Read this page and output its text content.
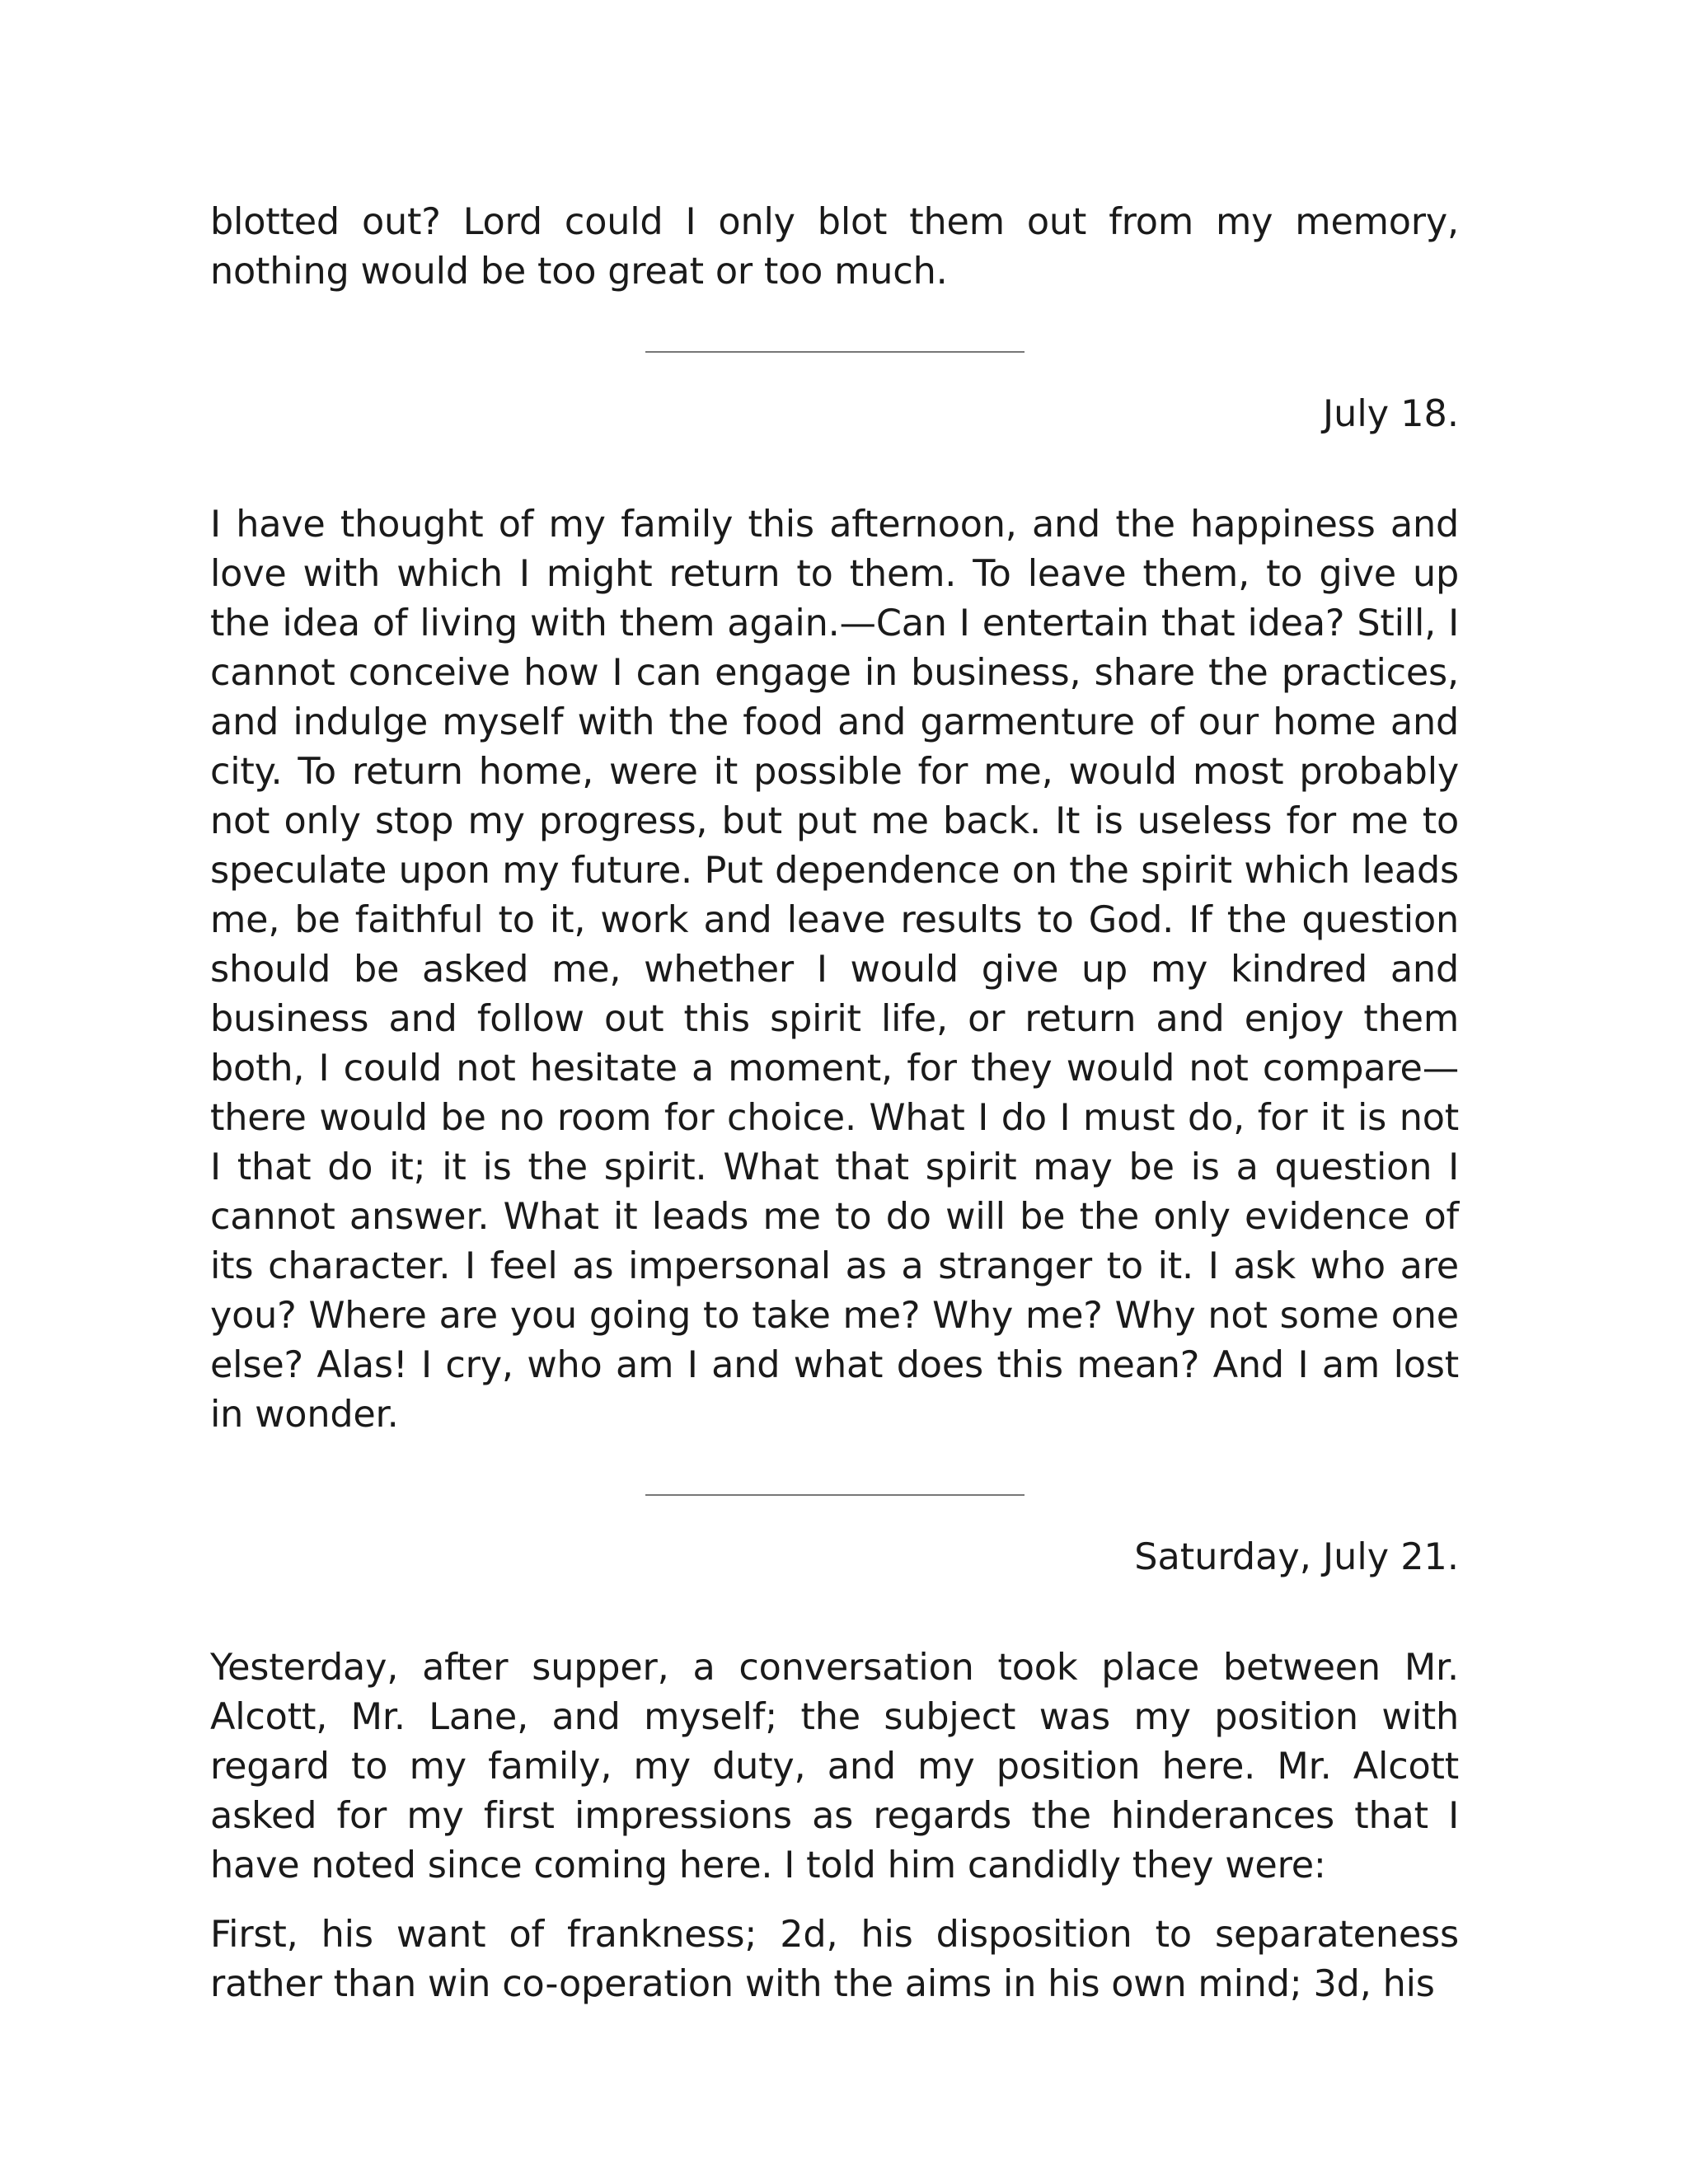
blotted out? Lord could I only blot them out from my memory, nothing would be too great or too much.

July 18.

I have thought of my family this afternoon, and the happiness and love with which I might return to them. To leave them, to give up the idea of living with them again.—Can I entertain that idea? Still, I cannot conceive how I can engage in business, share the practices, and indulge myself with the food and garmenture of our home and city. To return home, were it possible for me, would most probably not only stop my progress, but put me back. It is useless for me to speculate upon my future. Put dependence on the spirit which leads me, be faithful to it, work and leave results to God. If the question should be asked me, whether I would give up my kindred and business and follow out this spirit life, or return and enjoy them both, I could not hesitate a moment, for they would not compare—there would be no room for choice. What I do I must do, for it is not I that do it; it is the spirit. What that spirit may be is a question I cannot answer. What it leads me to do will be the only evidence of its character. I feel as impersonal as a stranger to it. I ask who are you? Where are you going to take me? Why me? Why not some one else? Alas! I cry, who am I and what does this mean? And I am lost in wonder.

Saturday, July 21.

Yesterday, after supper, a conversation took place between Mr. Alcott, Mr. Lane, and myself; the subject was my position with regard to my family, my duty, and my position here. Mr. Alcott asked for my first impressions as regards the hinderances that I have noted since coming here. I told him candidly they were:

First, his want of frankness; 2d, his disposition to separateness rather than win co-operation with the aims in his own mind; 3d, his
